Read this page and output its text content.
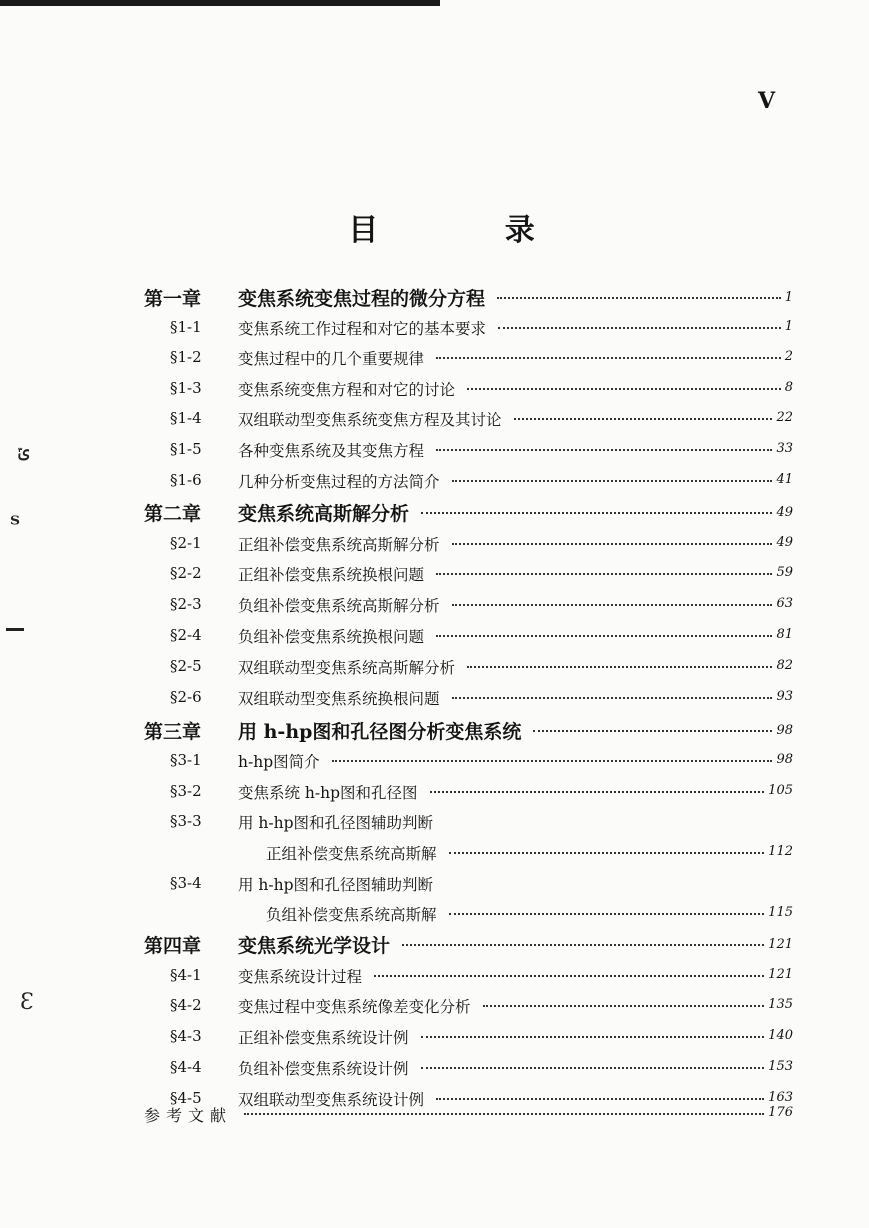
V
目 录
ݶ
ᵀ
Ɛ
第一章 变焦系统变焦过程的微分方程	1
§1-1 变焦系统工作过程和对它的基本要求	1
§1-2 变焦过程中的几个重要规律	2
§1-3 变焦系统变焦方程和对它的讨论	8
§1-4 双组联动型变焦系统变焦方程及其讨论	22
§1-5 各种变焦系统及其变焦方程	33
§1-6 几种分析变焦过程的方法简介	41
第二章 变焦系统高斯解分析	49
§2-1 正组补偿变焦系统高斯解分析	49
§2-2 正组补偿变焦系统换根问题	59
§2-3 负组补偿变焦系统高斯解分析	63
§2-4 负组补偿变焦系统换根问题	81
§2-5 双组联动型变焦系统高斯解分析	82
§2-6 双组联动型变焦系统换根问题	93
第三章 用 h-hp图和孔径图分析变焦系统	98
§3-1 h-hp图简介	98
§3-2 变焦系统 h-hp图和孔径图	105
§3-3 用 h-hp图和孔径图辅助判断
正组补偿变焦系统高斯解	112
§3-4 用 h-hp图和孔径图辅助判断
负组补偿变焦系统高斯解	115
第四章 变焦系统光学设计	121
§4-1 变焦系统设计过程	121
§4-2 变焦过程中变焦系统像差变化分析	135
§4-3 正组补偿变焦系统设计例	140
§4-4 负组补偿变焦系统设计例	153
§4-5 双组联动型变焦系统设计例	163
参考文献	176
